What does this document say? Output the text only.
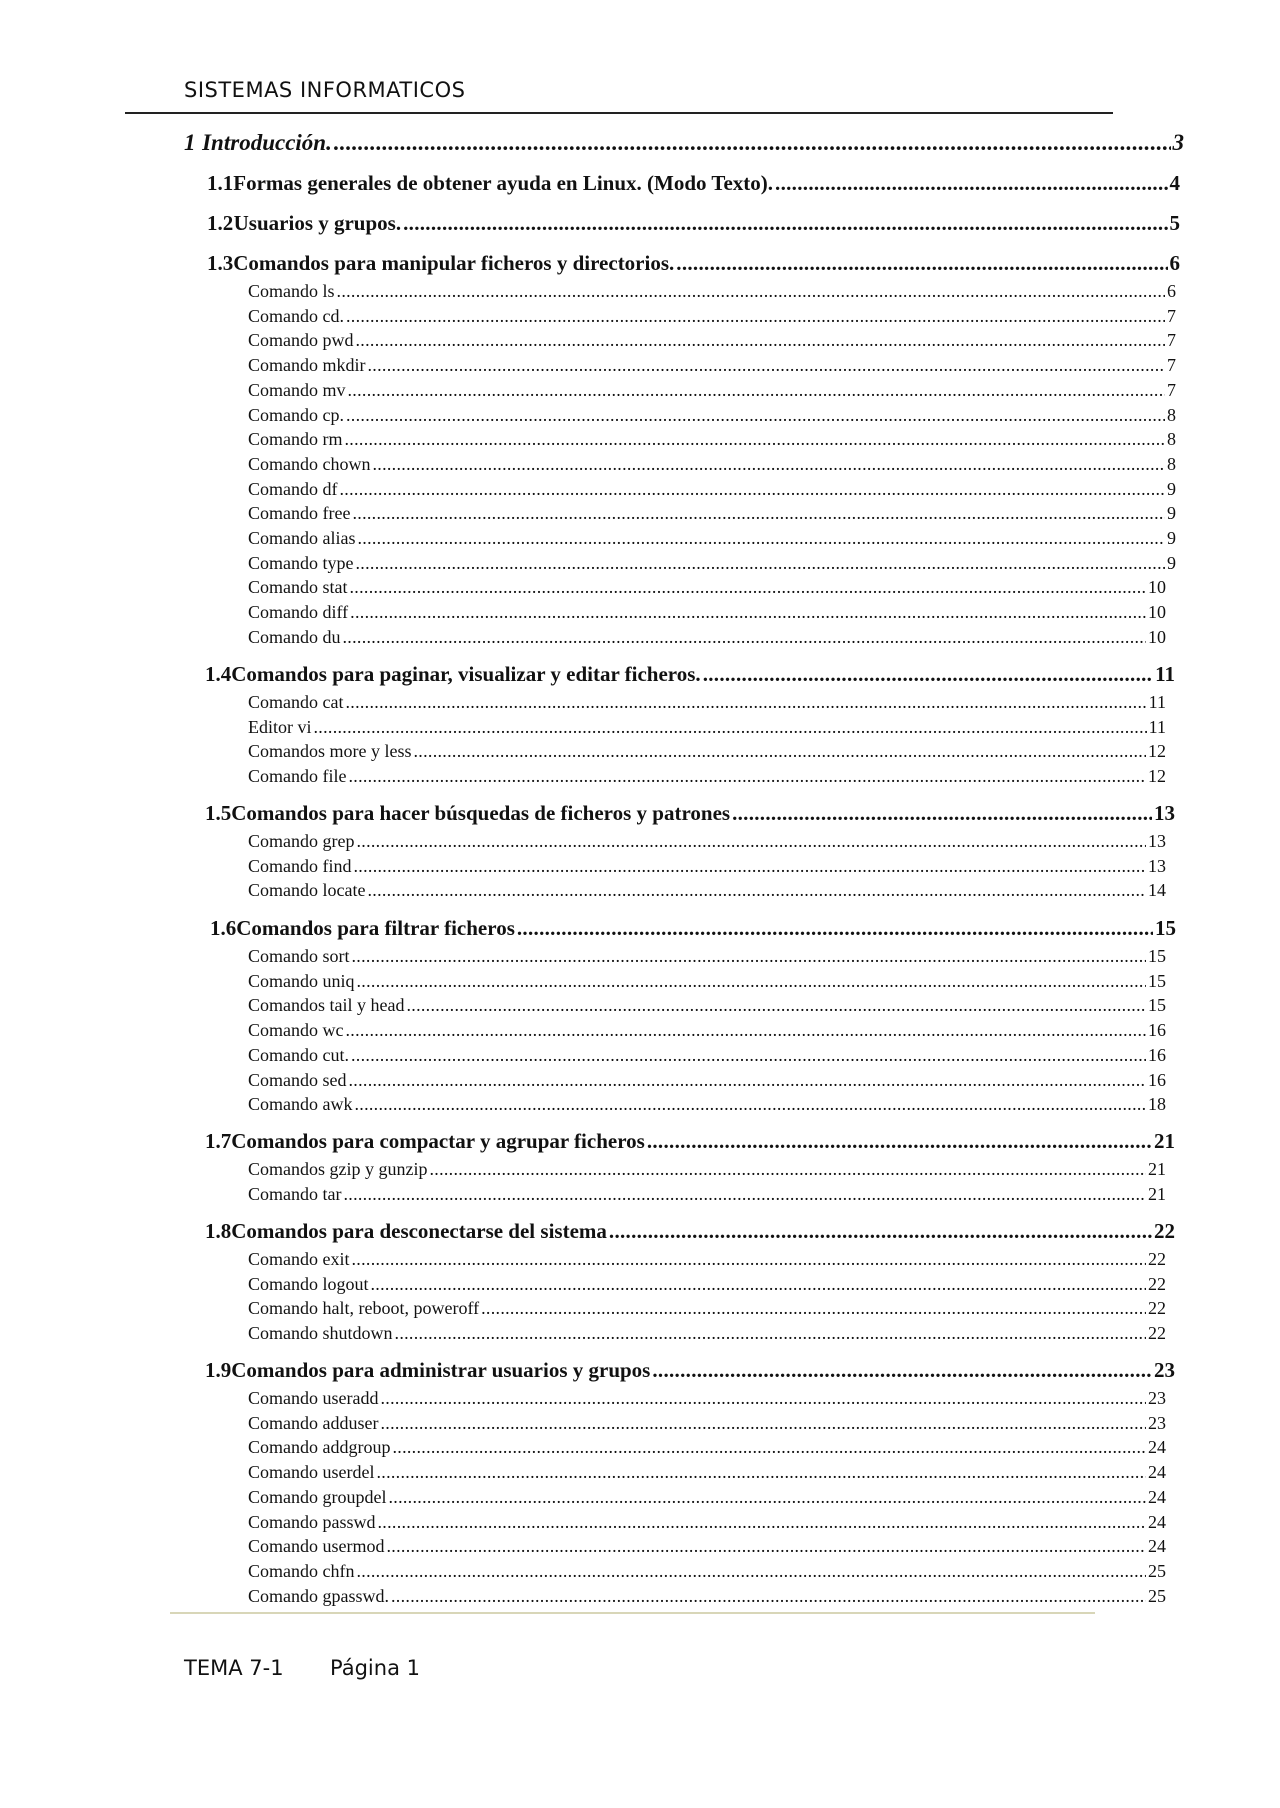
SISTEMAS INFORMATICOS
1 Introducción. .....	3
1.1 Formas generales de obtener ayuda en Linux. (Modo Texto). .....	4
1.2 Usuarios y grupos. .....	5
1.3 Comandos para manipular ficheros y directorios. .....	6
Comando ls .....	6
Comando cd. .....	7
Comando pwd .....	7
Comando mkdir .....	7
Comando mv .....	7
Comando cp. .....	8
Comando rm .....	8
Comando chown .....	8
Comando df .....	9
Comando free .....	9
Comando alias .....	9
Comando type .....	9
Comando stat .....	10
Comando diff .....	10
Comando du .....	10
1.4 Comandos para paginar, visualizar y editar ficheros. .....	11
Comando cat .....	11
Editor vi .....	11
Comandos more y less .....	12
Comando file .....	12
1.5 Comandos para hacer búsquedas de ficheros y patrones .....	13
Comando grep .....	13
Comando find .....	13
Comando locate .....	14
1.6 Comandos para filtrar ficheros .....	15
Comando sort .....	15
Comando uniq .....	15
Comandos tail y head .....	15
Comando wc .....	16
Comando cut. .....	16
Comando sed .....	16
Comando awk .....	18
1.7 Comandos para compactar y agrupar ficheros .....	21
Comandos gzip y gunzip .....	21
Comando tar .....	21
1.8 Comandos para desconectarse del sistema .....	22
Comando exit .....	22
Comando logout .....	22
Comando halt, reboot, poweroff .....	22
Comando shutdown .....	22
1.9 Comandos para administrar usuarios y grupos .....	23
Comando useradd .....	23
Comando adduser .....	23
Comando addgroup .....	24
Comando userdel .....	24
Comando groupdel .....	24
Comando passwd .....	24
Comando usermod .....	24
Comando chfn .....	25
Comando gpasswd. .....	25
TEMA 7-1 Página 1
